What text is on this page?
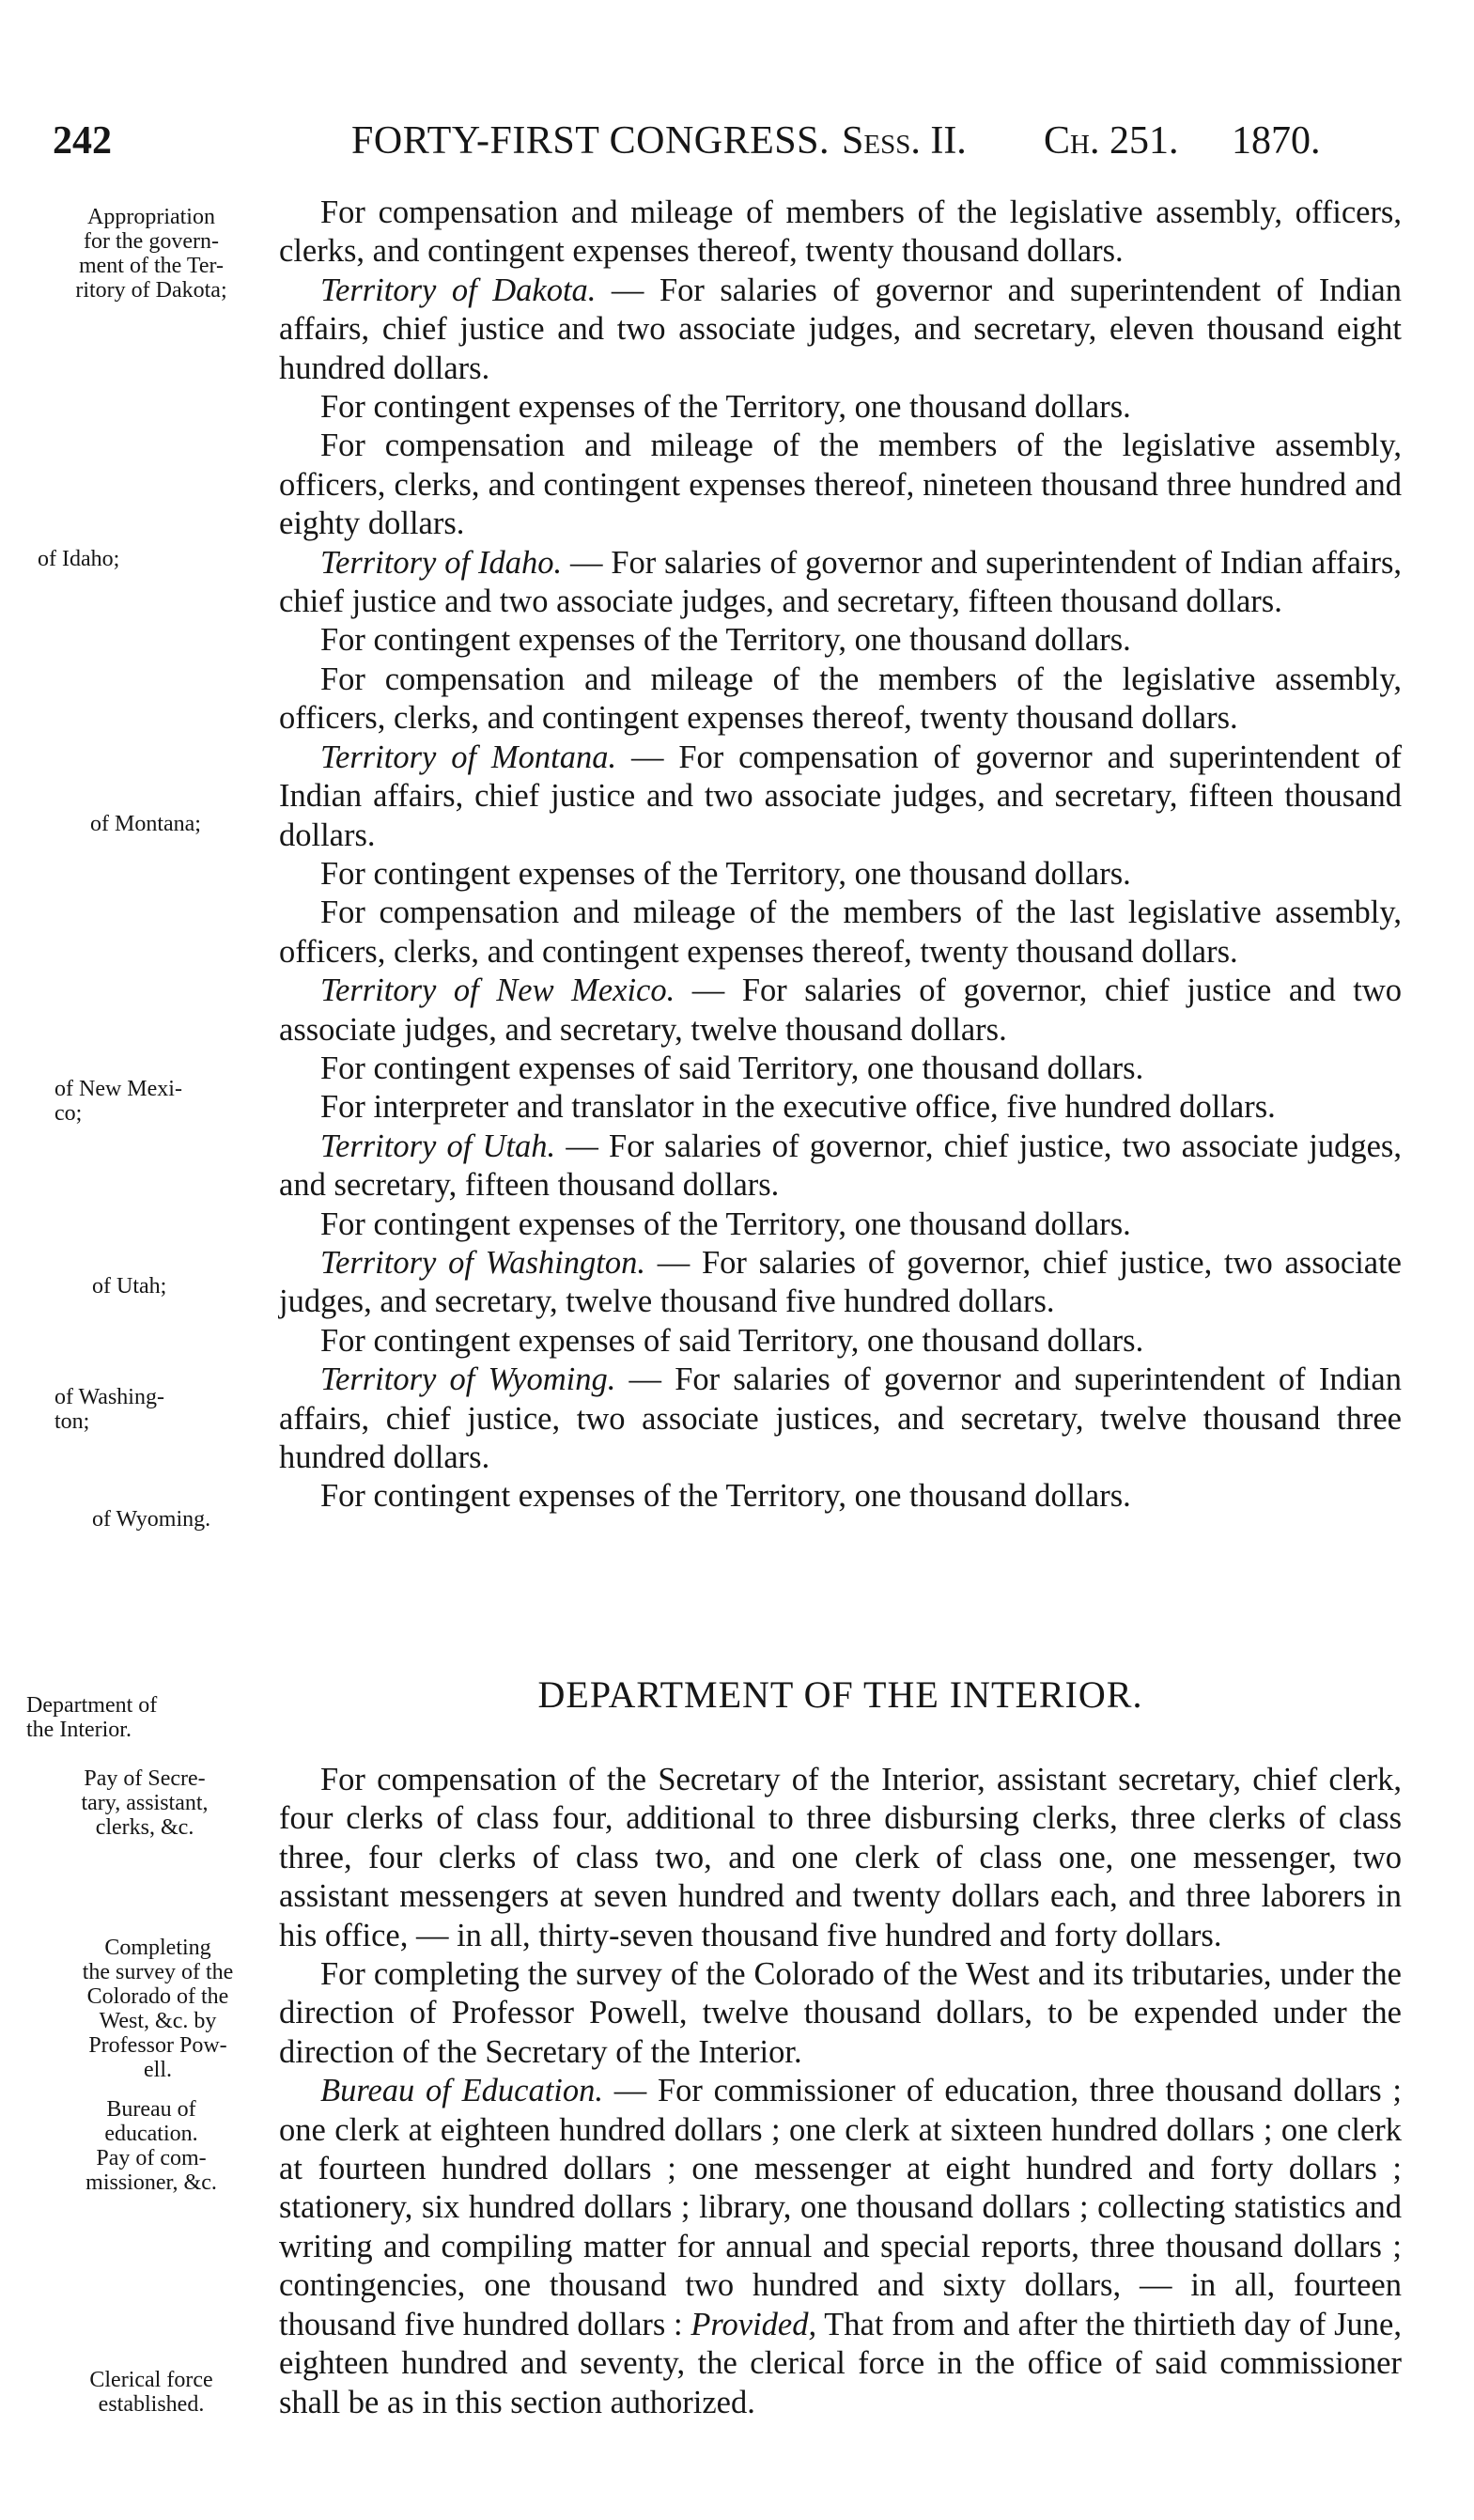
242	FORTY-FIRST CONGRESS. Sess. II. Ch. 251. 1870.
Appropriation
for the govern-
ment of the Ter-
ritory of Dakota;
of Idaho;
of Montana;
of New Mexi-
co;
of Utah;
of Washing-
ton;
of Wyoming.
Department of
the Interior.
Pay of Secre-
tary, assistant,
clerks, &c.
Completing
the survey of the
Colorado of the
West, &c. by
Professor Pow-
ell.
Bureau of
education.
Pay of com-
missioner, &c.
Clerical force
established.

For compensation and mileage of members of the legislative assembly, officers, clerks, and contingent expenses thereof, twenty thousand dollars.

Territory of Dakota. — For salaries of governor and superintendent of Indian affairs, chief justice and two associate judges, and secretary, eleven thousand eight hundred dollars.

For contingent expenses of the Territory, one thousand dollars.

For compensation and mileage of the members of the legislative assembly, officers, clerks, and contingent expenses thereof, nineteen thousand three hundred and eighty dollars.

Territory of Idaho. — For salaries of governor and superintendent of Indian affairs, chief justice and two associate judges, and secretary, fifteen thousand dollars.

For contingent expenses of the Territory, one thousand dollars.

For compensation and mileage of the members of the legislative assembly, officers, clerks, and contingent expenses thereof, twenty thousand dollars.

Territory of Montana. — For compensation of governor and superintendent of Indian affairs, chief justice and two associate judges, and secretary, fifteen thousand dollars.

For contingent expenses of the Territory, one thousand dollars.

For compensation and mileage of the members of the last legislative assembly, officers, clerks, and contingent expenses thereof, twenty thousand dollars.

Territory of New Mexico. — For salaries of governor, chief justice and two associate judges, and secretary, twelve thousand dollars.

For contingent expenses of said Territory, one thousand dollars.

For interpreter and translator in the executive office, five hundred dollars.

Territory of Utah. — For salaries of governor, chief justice, two associate judges, and secretary, fifteen thousand dollars.

For contingent expenses of the Territory, one thousand dollars.

Territory of Washington. — For salaries of governor, chief justice, two associate judges, and secretary, twelve thousand five hundred dollars.

For contingent expenses of said Territory, one thousand dollars.

Territory of Wyoming. — For salaries of governor and superintendent of Indian affairs, chief justice, two associate justices, and secretary, twelve thousand three hundred dollars.

For contingent expenses of the Territory, one thousand dollars.

DEPARTMENT OF THE INTERIOR.

For compensation of the Secretary of the Interior, assistant secretary, chief clerk, four clerks of class four, additional to three disbursing clerks, three clerks of class three, four clerks of class two, and one clerk of class one, one messenger, two assistant messengers at seven hundred and twenty dollars each, and three laborers in his office, — in all, thirty-seven thousand five hundred and forty dollars.

For completing the survey of the Colorado of the West and its tributaries, under the direction of Professor Powell, twelve thousand dollars, to be expended under the direction of the Secretary of the Interior.

Bureau of Education. — For commissioner of education, three thousand dollars ; one clerk at eighteen hundred dollars ; one clerk at sixteen hundred dollars ; one clerk at fourteen hundred dollars ; one messenger at eight hundred and forty dollars ; stationery, six hundred dollars ; library, one thousand dollars ; collecting statistics and writing and compiling matter for annual and special reports, three thousand dollars ; contingencies, one thousand two hundred and sixty dollars, — in all, fourteen thousand five hundred dollars : Provided, That from and after the thirtieth day of June, eighteen hundred and seventy, the clerical force in the office of said commissioner shall be as in this section authorized.
